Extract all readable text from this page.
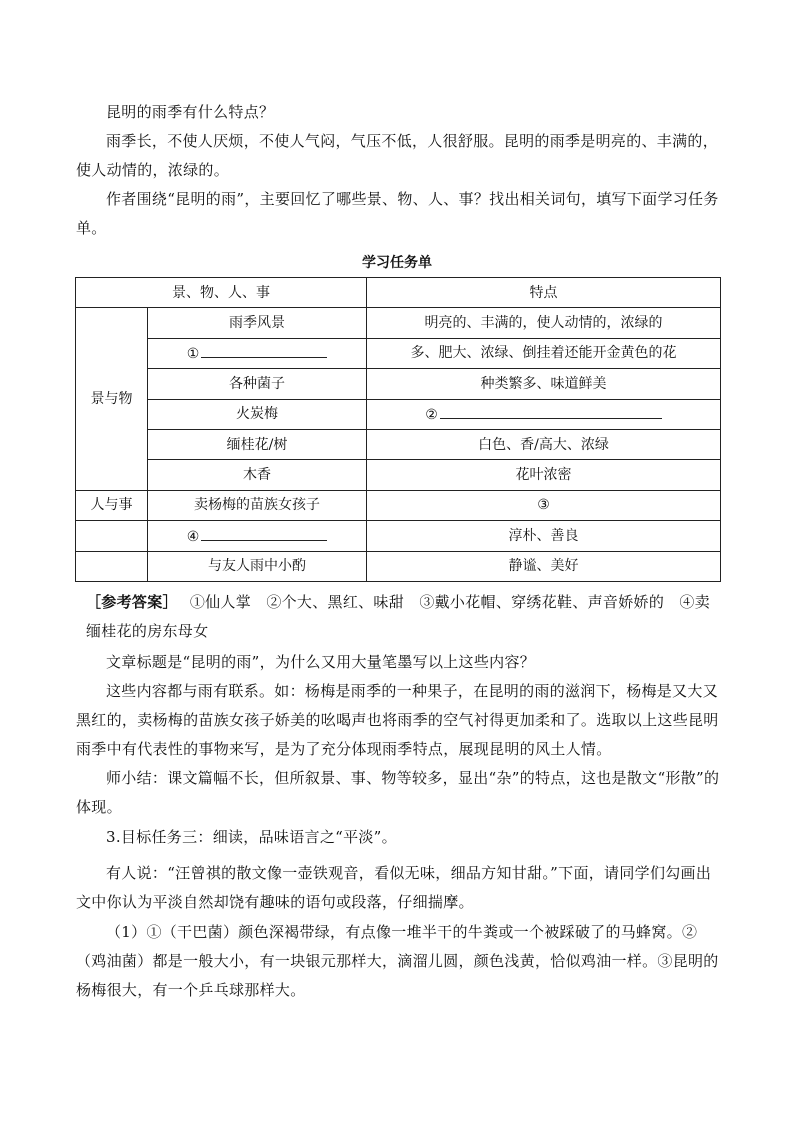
昆明的雨季有什么特点？

雨季长，不使人厌烦，不使人气闷，气压不低，人很舒服。昆明的雨季是明亮的、丰满的，使人动情的，浓绿的。

作者围绕“昆明的雨”，主要回忆了哪些景、物、人、事？找出相关词句，填写下面学习任务单。

学习任务单
景、物、人、事		特点
景与物	雨季风景	明亮的、丰满的，使人动情的，浓绿的
	①	多、肥大、浓绿、倒挂着还能开金黄色的花
	各种菌子	种类繁多、味道鲜美
	火炭梅	②
	缅桂花/树	白色、香/高大、浓绿
	木香	花叶浓密
人与事	卖杨梅的苗族女孩子	③
	④	淳朴、善良
	与友人雨中小酌	静谧、美好

［参考答案］ ①仙人掌　②个大、黑红、味甜　③戴小花帽、穿绣花鞋、声音娇娇的　④卖缅桂花的房东母女

文章标题是“昆明的雨”，为什么又用大量笔墨写以上这些内容？

这些内容都与雨有联系。如：杨梅是雨季的一种果子，在昆明的雨的滋润下，杨梅是又大又黑红的，卖杨梅的苗族女孩子娇美的吆喝声也将雨季的空气衬得更加柔和了。选取以上这些昆明雨季中有代表性的事物来写，是为了充分体现雨季特点，展现昆明的风土人情。

师小结：课文篇幅不长，但所叙景、事、物等较多，显出“杂”的特点，这也是散文“形散”的体现。

3.目标任务三：细读，品味语言之“平淡”。

有人说：“汪曾祺的散文像一壶铁观音，看似无味，细品方知甘甜。”下面，请同学们勾画出文中你认为平淡自然却饶有趣味的语句或段落，仔细揣摩。

（1）①（干巴菌）颜色深褐带绿，有点像一堆半干的牛粪或一个被踩破了的马蜂窝。②（鸡油菌）都是一般大小，有一块银元那样大，滴溜儿圆，颜色浅黄，恰似鸡油一样。③昆明的杨梅很大，有一个乒乓球那样大。
